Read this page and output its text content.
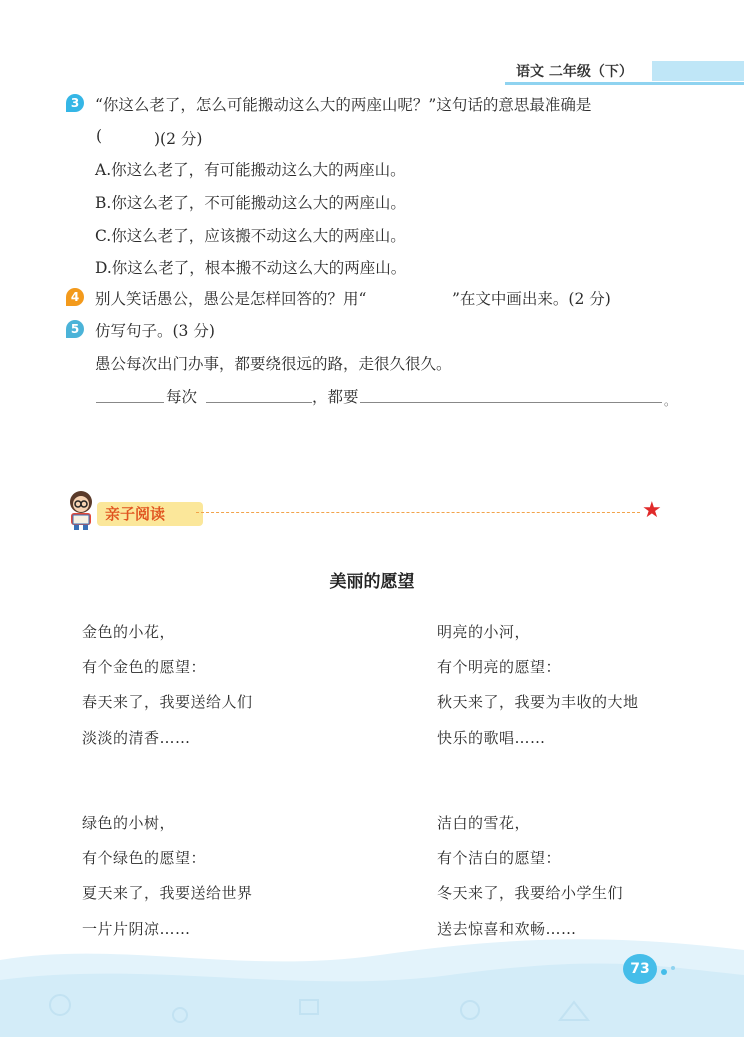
语文 二年级（下）
3	“你这么老了，怎么可能搬动这么大的两座山呢？”这句话的意思最准确是
(	)(2 分)
A.你这么老了，有可能搬动这么大的两座山。
B.你这么老了，不可能搬动这么大的两座山。
C.你这么老了，应该搬不动这么大的两座山。
D.你这么老了，根本搬不动这么大的两座山。
4	别人笑话愚公，愚公是怎样回答的？用“	”在文中画出来。(2 分)
5	仿写句子。(3 分)
愚公每次出门办事，都要绕很远的路，走很久很久。
每次	，都要	。
亲子阅读	★
美丽的愿望
金色的小花，
有个金色的愿望：
春天来了，我要送给人们
淡淡的清香……
明亮的小河，
有个明亮的愿望：
秋天来了，我要为丰收的大地
快乐的歌唱……
绿色的小树，
有个绿色的愿望：
夏天来了，我要送给世界
一片片阴凉……
洁白的雪花，
有个洁白的愿望：
冬天来了，我要给小学生们
送去惊喜和欢畅……
73
